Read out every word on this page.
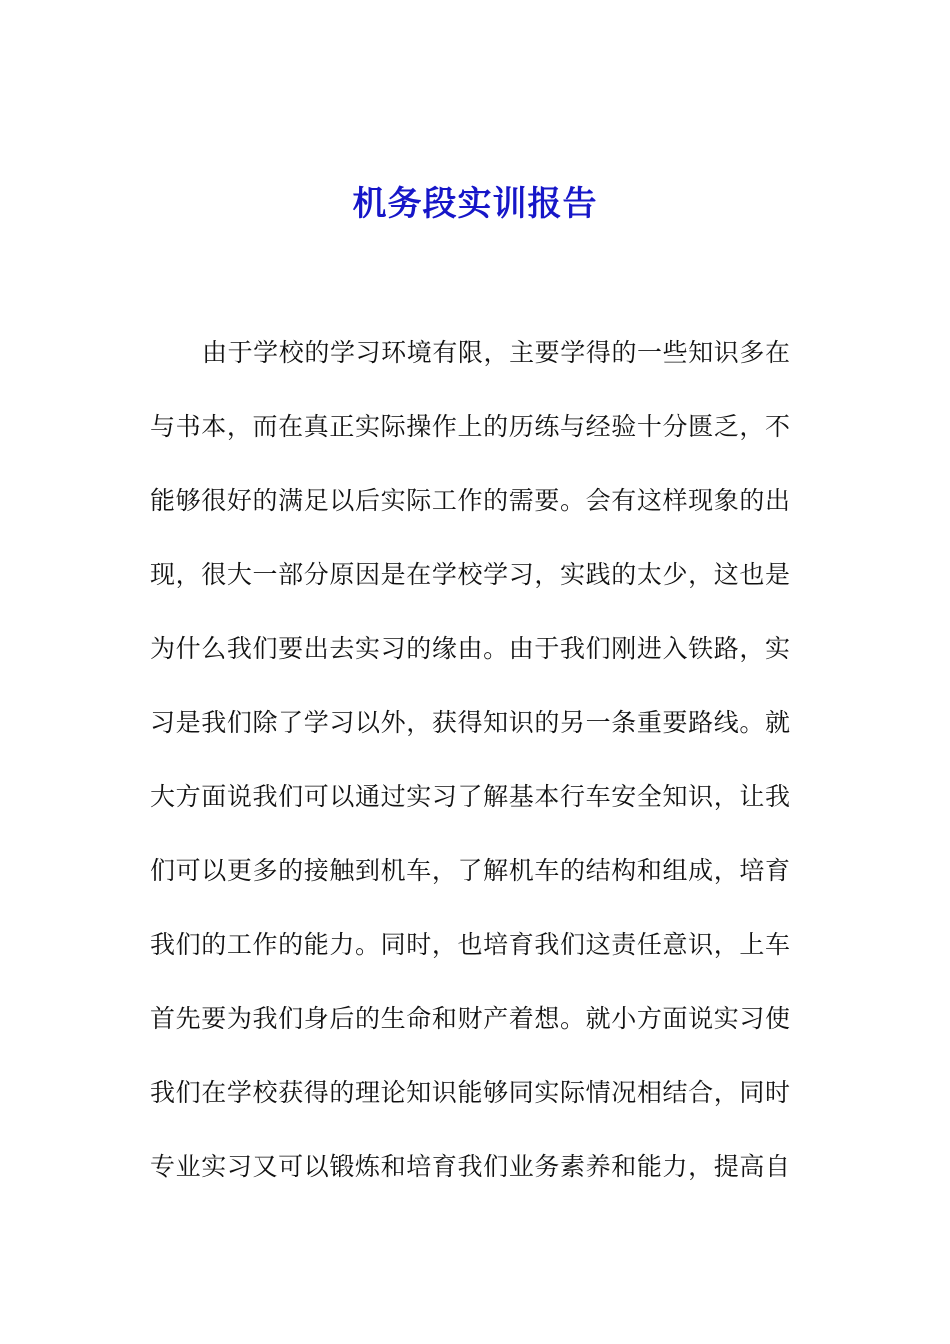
机务段实训报告
由于学校的学习环境有限，主要学得的一些知识多在
与书本，而在真正实际操作上的历练与经验十分匮乏，不
能够很好的满足以后实际工作的需要。会有这样现象的出
现，很大一部分原因是在学校学习，实践的太少，这也是
为什么我们要出去实习的缘由。由于我们刚进入铁路，实
习是我们除了学习以外，获得知识的另一条重要路线。就
大方面说我们可以通过实习了解基本行车安全知识，让我
们可以更多的接触到机车，了解机车的结构和组成，培育
我们的工作的能力。同时，也培育我们这责任意识，上车
首先要为我们身后的生命和财产着想。就小方面说实习使
我们在学校获得的理论知识能够同实际情况相结合，同时
专业实习又可以锻炼和培育我们业务素养和能力，提高自
